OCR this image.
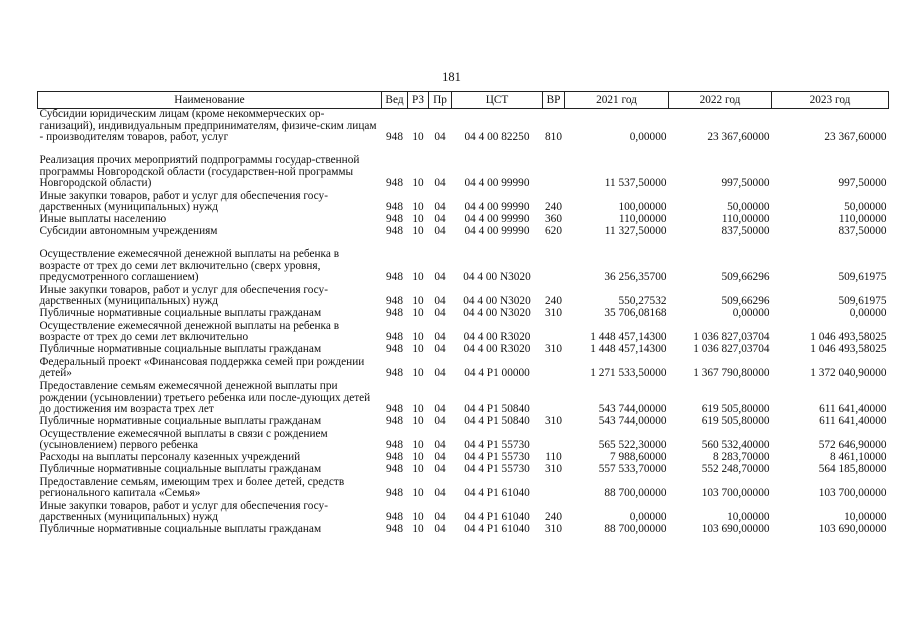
181
Наименование	Вед	РЗ	Пр	ЦСТ	ВР	2021 год	2022 год	2023 год
Субсидии юридическим лицам (кроме некоммерческих ор-ганизаций), индивидуальным предпринимателям, физиче-ским лицам - производителям товаров, работ, услуг	948	10	04	04 4 00 82250	810	0,00000	23 367,60000	23 367,60000
Реализация прочих мероприятий подпрограммы государ-ственной программы Новгородской области (государствен-ной программы Новгородской области)	948	10	04	04 4 00 99990		11 537,50000	997,50000	997,50000
Иные закупки товаров, работ и услуг для обеспечения госу-дарственных (муниципальных) нужд	948	10	04	04 4 00 99990	240	100,00000	50,00000	50,00000
Иные выплаты населению	948	10	04	04 4 00 99990	360	110,00000	110,00000	110,00000
Субсидии автономным учреждениям	948	10	04	04 4 00 99990	620	11 327,50000	837,50000	837,50000
Осуществление ежемесячной денежной выплаты на ребенка в возрасте от трех до семи лет включительно (сверх уровня, предусмотренного соглашением)	948	10	04	04 4 00 N3020		36 256,35700	509,66296	509,61975
Иные закупки товаров, работ и услуг для обеспечения госу-дарственных (муниципальных) нужд	948	10	04	04 4 00 N3020	240	550,27532	509,66296	509,61975
Публичные нормативные социальные выплаты гражданам	948	10	04	04 4 00 N3020	310	35 706,08168	0,00000	0,00000
Осуществление ежемесячной денежной выплаты на ребенка в возрасте от трех до семи лет включительно	948	10	04	04 4 00 R3020		1 448 457,14300	1 036 827,03704	1 046 493,58025
Публичные нормативные социальные выплаты гражданам	948	10	04	04 4 00 R3020	310	1 448 457,14300	1 036 827,03704	1 046 493,58025
Федеральный проект «Финансовая поддержка семей при рождении детей»	948	10	04	04 4 P1 00000		1 271 533,50000	1 367 790,80000	1 372 040,90000
Предоставление семьям ежемесячной денежной выплаты при рождении (усыновлении) третьего ребенка или после-дующих детей до достижения им возраста трех лет	948	10	04	04 4 P1 50840		543 744,00000	619 505,80000	611 641,40000
Публичные нормативные социальные выплаты гражданам	948	10	04	04 4 P1 50840	310	543 744,00000	619 505,80000	611 641,40000
Осуществление ежемесячной выплаты в связи с рождением (усыновлением) первого ребенка	948	10	04	04 4 P1 55730		565 522,30000	560 532,40000	572 646,90000
Расходы на выплаты персоналу казенных учреждений	948	10	04	04 4 P1 55730	110	7 988,60000	8 283,70000	8 461,10000
Публичные нормативные социальные выплаты гражданам	948	10	04	04 4 P1 55730	310	557 533,70000	552 248,70000	564 185,80000
Предоставление семьям, имеющим трех и более детей, средств регионального капитала «Семья»	948	10	04	04 4 P1 61040		88 700,00000	103 700,00000	103 700,00000
Иные закупки товаров, работ и услуг для обеспечения госу-дарственных (муниципальных) нужд	948	10	04	04 4 P1 61040	240	0,00000	10,00000	10,00000
Публичные нормативные социальные выплаты гражданам	948	10	04	04 4 P1 61040	310	88 700,00000	103 690,00000	103 690,00000
